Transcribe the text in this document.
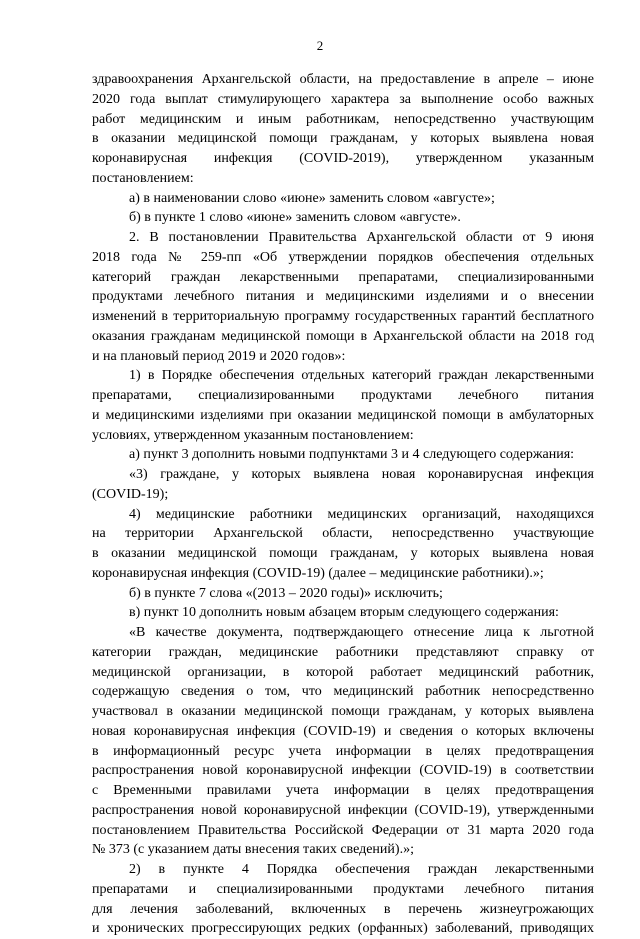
2
здравоохранения Архангельской области, на предоставление в апреле – июне
2020 года выплат стимулирующего характера за выполнение особо важных
работ медицинским и иным работникам, непосредственно участвующим
в оказании медицинской помощи гражданам, у которых выявлена новая
коронавирусная инфекция (COVID-2019), утвержденном указанным
постановлением:
а) в наименовании слово «июне» заменить словом «августе»;
б) в пункте 1 слово «июне» заменить словом «августе».
2. В постановлении Правительства Архангельской области от 9 июня
2018 года № 259-пп «Об утверждении порядков обеспечения отдельных
категорий граждан лекарственными препаратами, специализированными
продуктами лечебного питания и медицинскими изделиями и о внесении
изменений в территориальную программу государственных гарантий бесплатного
оказания гражданам медицинской помощи в Архангельской области на 2018 год
и на плановый период 2019 и 2020 годов»:
1) в Порядке обеспечения отдельных категорий граждан лекарственными
препаратами, специализированными продуктами лечебного питания
и медицинскими изделиями при оказании медицинской помощи в амбулаторных
условиях, утвержденном указанным постановлением:
а) пункт 3 дополнить новыми подпунктами 3 и 4 следующего содержания:
«3) граждане, у которых выявлена новая коронавирусная инфекция
(COVID-19);
4) медицинские работники медицинских организаций, находящихся
на территории Архангельской области, непосредственно участвующие
в оказании медицинской помощи гражданам, у которых выявлена новая
коронавирусная инфекция (COVID-19) (далее – медицинские работники).»;
б) в пункте 7 слова «(2013 – 2020 годы)» исключить;
в) пункт 10 дополнить новым абзацем вторым следующего содержания:
«В качестве документа, подтверждающего отнесение лица к льготной
категории граждан, медицинские работники представляют справку от
медицинской организации, в которой работает медицинский работник,
содержащую сведения о том, что медицинский работник непосредственно
участвовал в оказании медицинской помощи гражданам, у которых выявлена
новая коронавирусная инфекция (COVID-19) и сведения о которых включены
в информационный ресурс учета информации в целях предотвращения
распространения новой коронавирусной инфекции (COVID-19) в соответствии
с Временными правилами учета информации в целях предотвращения
распространения новой коронавирусной инфекции (COVID-19), утвержденными
постановлением Правительства Российской Федерации от 31 марта 2020 года
№ 373 (с указанием даты внесения таких сведений).»;
2) в пункте 4 Порядка обеспечения граждан лекарственными
препаратами и специализированными продуктами лечебного питания
для лечения заболеваний, включенных в перечень жизнеугрожающих
и хронических прогрессирующих редких (орфанных) заболеваний, приводящих
